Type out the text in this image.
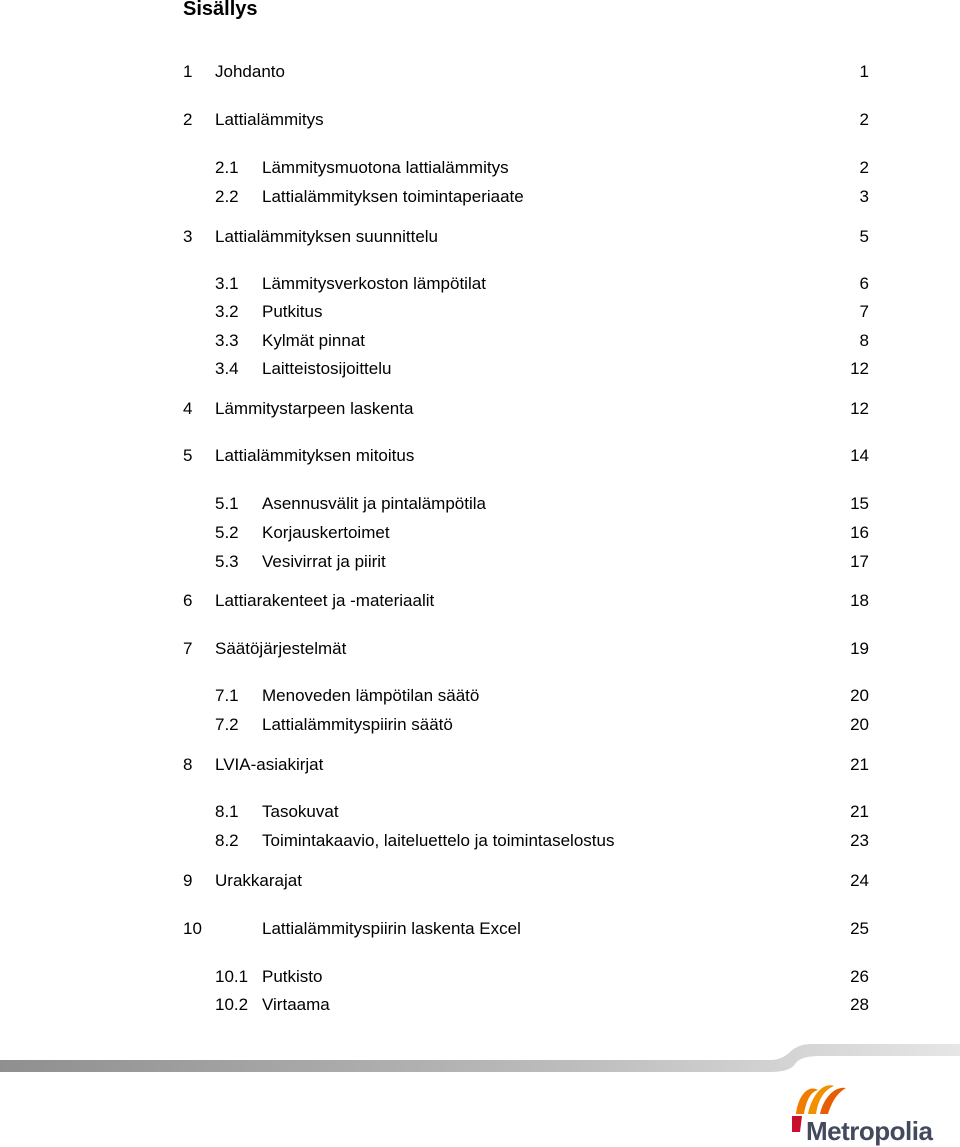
Sisällys
1 Johdanto	1
2 Lattialämmitys	2
2.1 Lämmitysmuotona lattialämmitys	2
2.2 Lattialämmityksen toimintaperiaate	3
3 Lattialämmityksen suunnittelu	5
3.1 Lämmitysverkoston lämpötilat	6
3.2 Putkitus	7
3.3 Kylmät pinnat	8
3.4 Laitteistosijoittelu	12
4 Lämmitystarpeen laskenta	12
5 Lattialämmityksen mitoitus	14
5.1 Asennusvälit ja pintalämpötila	15
5.2 Korjauskertoimet	16
5.3 Vesivirrat ja piirit	17
6 Lattiarakenteet ja -materiaalit	18
7 Säätöjärjestelmät	19
7.1 Menoveden lämpötilan säätö	20
7.2 Lattialämmityspiirin säätö	20
8 LVIA-asiakirjat	21
8.1 Tasokuvat	21
8.2 Toimintakaavio, laiteluettelo ja toimintaselostus	23
9 Urakkarajat	24
10	Lattialämmityspiirin laskenta Excel	25
10.1 Putkisto	26
10.2 Virtaama	28
Metropolia
